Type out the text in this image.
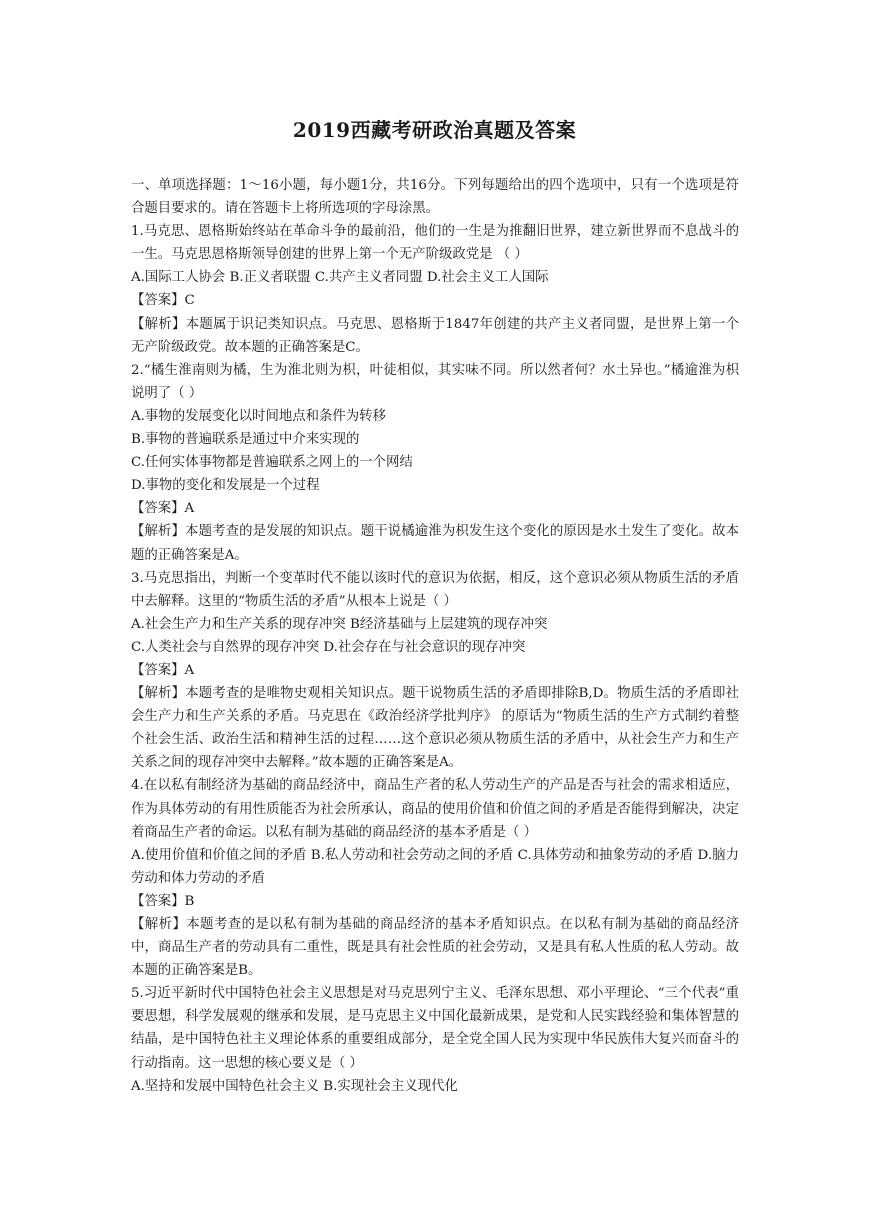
2019西藏考研政治真题及答案

一、单项选择题：1～16小题，每小题1分，共16分。下列每题给出的四个选项中，只有一个选项是符合题目要求的。请在答题卡上将所选项的字母涂黑。

1.马克思、恩格斯始终站在革命斗争的最前沿，他们的一生是为推翻旧世界，建立新世界而不息战斗的一生。马克思恩格斯领导创建的世界上第一个无产阶级政党是 （ ）

A.国际工人协会 B.正义者联盟 C.共产主义者同盟 D.社会主义工人国际

【答案】C

【解析】本题属于识记类知识点。马克思、恩格斯于1847年创建的共产主义者同盟，是世界上第一个无产阶级政党。故本题的正确答案是C。

2.“橘生淮南则为橘，生为淮北则为枳，叶徒相似，其实味不同。所以然者何？水土异也。”橘逾淮为枳说明了（ ）

A.事物的发展变化以时间地点和条件为转移

B.事物的普遍联系是通过中介来实现的

C.任何实体事物都是普遍联系之网上的一个网结

D.事物的变化和发展是一个过程

【答案】A

【解析】本题考查的是发展的知识点。题干说橘逾淮为枳发生这个变化的原因是水土发生了变化。故本题的正确答案是A。

3.马克思指出，判断一个变革时代不能以该时代的意识为依据，相反，这个意识必须从物质生活的矛盾中去解释。这里的“物质生活的矛盾”从根本上说是（ ）

A.社会生产力和生产关系的现存冲突 B经济基础与上层建筑的现存冲突

C.人类社会与自然界的现存冲突 D.社会存在与社会意识的现存冲突

【答案】A

【解析】本题考查的是唯物史观相关知识点。题干说物质生活的矛盾即排除B,D。物质生活的矛盾即社会生产力和生产关系的矛盾。马克思在《政治经济学批判序》 的原话为“物质生活的生产方式制约着整个社会生活、政治生活和精神生活的过程……这个意识必须从物质生活的矛盾中，从社会生产力和生产关系之间的现存冲突中去解释。”故本题的正确答案是A。

4.在以私有制经济为基础的商品经济中，商品生产者的私人劳动生产的产品是否与社会的需求相适应，作为具体劳动的有用性质能否为社会所承认，商品的使用价值和价值之间的矛盾是否能得到解决，决定着商品生产者的命运。以私有制为基础的商品经济的基本矛盾是（ ）

A.使用价值和价值之间的矛盾 B.私人劳动和社会劳动之间的矛盾 C.具体劳动和抽象劳动的矛盾 D.脑力劳动和体力劳动的矛盾

【答案】B

【解析】本题考查的是以私有制为基础的商品经济的基本矛盾知识点。在以私有制为基础的商品经济中，商品生产者的劳动具有二重性，既是具有社会性质的社会劳动，又是具有私人性质的私人劳动。故本题的正确答案是B。

5.习近平新时代中国特色社会主义思想是对马克思列宁主义、毛泽东思想、邓小平理论、“三个代表”重要思想，科学发展观的继承和发展，是马克思主义中国化最新成果，是党和人民实践经验和集体智慧的结晶，是中国特色社主义理论体系的重要组成部分，是全党全国人民为实现中华民族伟大复兴而奋斗的行动指南。这一思想的核心要义是（ ）

A.坚持和发展中国特色社会主义 B.实现社会主义现代化
